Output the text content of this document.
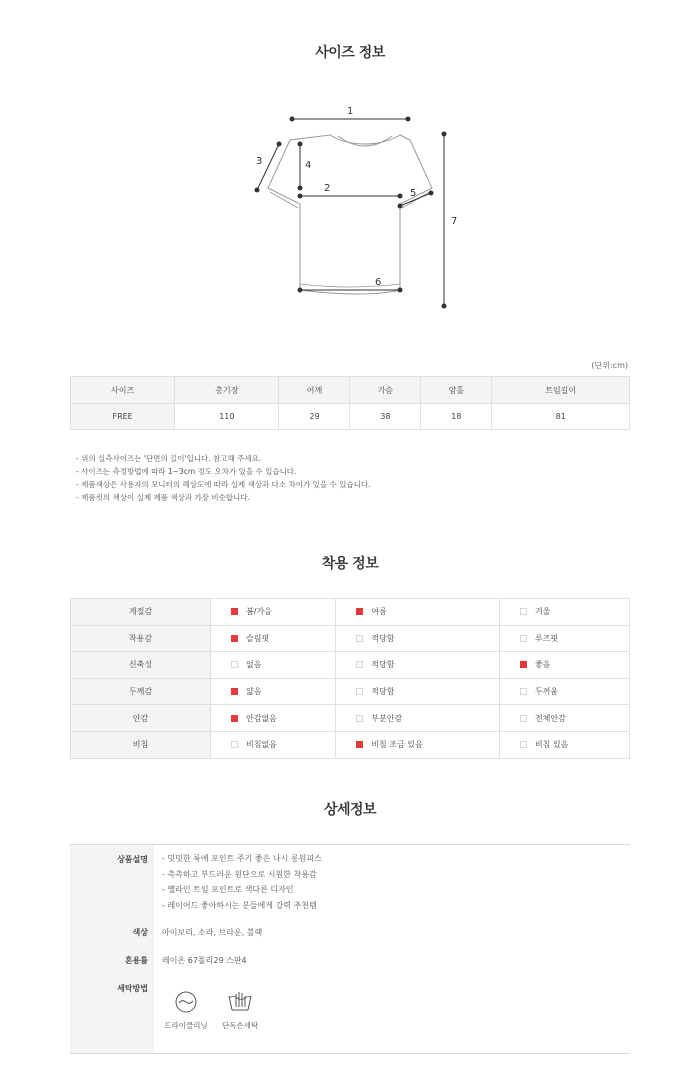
사이즈 정보
1
2
3	4
5
6
7
(단위:cm)
사이즈	총기장	어깨	가슴	암홀	트임길이
FREE	110	29	38	18	81
- 위의 실측사이즈는 '단면의 길이'입니다. 참고해 주세요.
- 사이즈는 측정방법에 따라 1~3cm 정도 오차가 있을 수 있습니다.
- 제품색상은 사용자의 모니터의 해상도에 따라 실제 색상과 다소 차이가 있을 수 있습니다.
- 제품컷의 색상이 실제 제품 색상과 가장 비슷합니다.
착용 정보
계절감	봄/가을	여름	겨울
착용감	슬림핏	적당함	루즈핏
신축성	없음	적당함	좋음
두께감	얇음	적당함	두꺼움
안감	안감없음	부분안감	전체안감
비침	비침없음	비침 조금 있음	비침 있음
상세정보
상품설명 - 밋밋한 룩에 포인트 주기 좋은 나시 롱원피스
- 촉촉하고 부드러운 원단으로 시원한 착용감
- 옐라인 트임 포인트로 색다른 디자인
- 레이어드 좋아하시는 분들에게 강력 추천템
색상 아이보리, 소라, 브라운, 블랙
혼용률 레이온 67폴리29 스판4
세탁방법
드라이클리닝	단독손세탁
